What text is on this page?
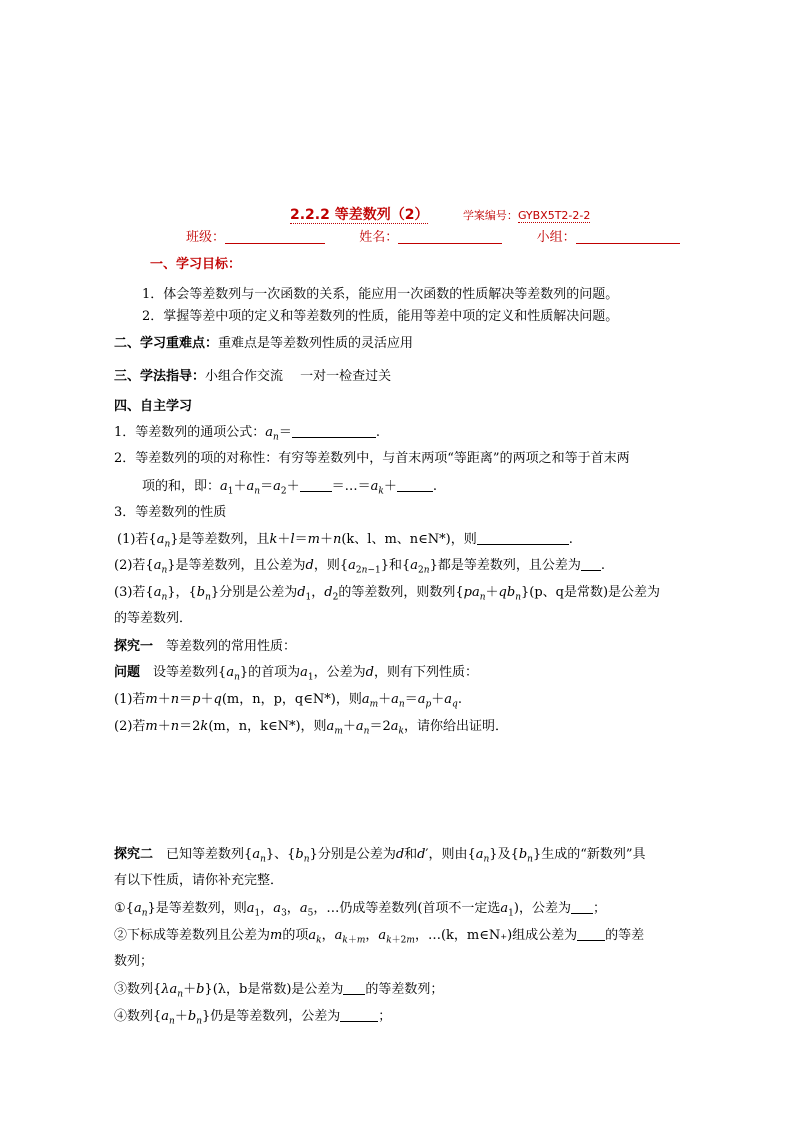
2.2.2 等差数列（2）	学案编号：GYBX5T2-2-2
班级：	姓名：	小组：
一、学习目标：
1．体会等差数列与一次函数的关系，能应用一次函数的性质解决等差数列的问题。
2．掌握等差中项的定义和等差数列的性质，能用等差中项的定义和性质解决问题。
二、学习重难点：重难点是等差数列性质的灵活应用
三、学法指导：小组合作交流　 一对一检查过关
四、自主学习
1．等差数列的通项公式：$a_n=$	.
2．等差数列的项的对称性：有穷等差数列中，与首末两项“等距离”的两项之和等于首末两
项的和，即：$a_1+a_n=a_2+$ $=\dots=a_k+$	.
3．等差数列的性质
(1)若$\{a_n\}$是等差数列，且k＋l＝m＋n(k、l、m、n∈N*)，则	.
(2)若$\{a_n\}$是等差数列，且公差为d，则$\{a_{2n-1}\}$和$\{a_{2n}\}$都是等差数列，且公差为 .
(3)若$\{a_n\}$，$\{b_n\}$分别是公差为$d_1$，$d_2$的等差数列，则数列$\{pa_n+qb_n\}(p$、q是常数)是公差为
的等差数列．
探究一　 等差数列的常用性质：
问题　 设等差数列$\{a_n\}$的首项为$a_1$，公差为d，则有下列性质：
(1)若m＋n＝p＋q(m，n，p，q∈N*)，则$a_m+a_n=a_p+a_q$.
(2)若m＋n＝2k(m，n，k∈N*)，则$a_m+a_n=2a_k$，请你给出证明．
探究二　 已知等差数列$\{a_n\}$、$\{b_n\}$分别是公差为d和d′，则由$\{a_n\}$及$\{b_n\}$生成的“新数列”具
有以下性质，请你补充完整．
$①\{a_n\}$是等差数列，则$a_1$，$a_3$，$a_5$，…仍成等差数列(首项不一定选$a_1$)，公差为 ；
②下标成等差数列且公差为m的项$a_k$，$a_{k+m}$，$a_{k+2m}$，…(k，m∈N₊)组成公差为 的等差
数列；
③数列$\{\lambda a_n+b\}(\lambda$，b是常数)是公差为 的等差数列；
④数列$\{a_n+b_n\}$仍是等差数列，公差为	；
